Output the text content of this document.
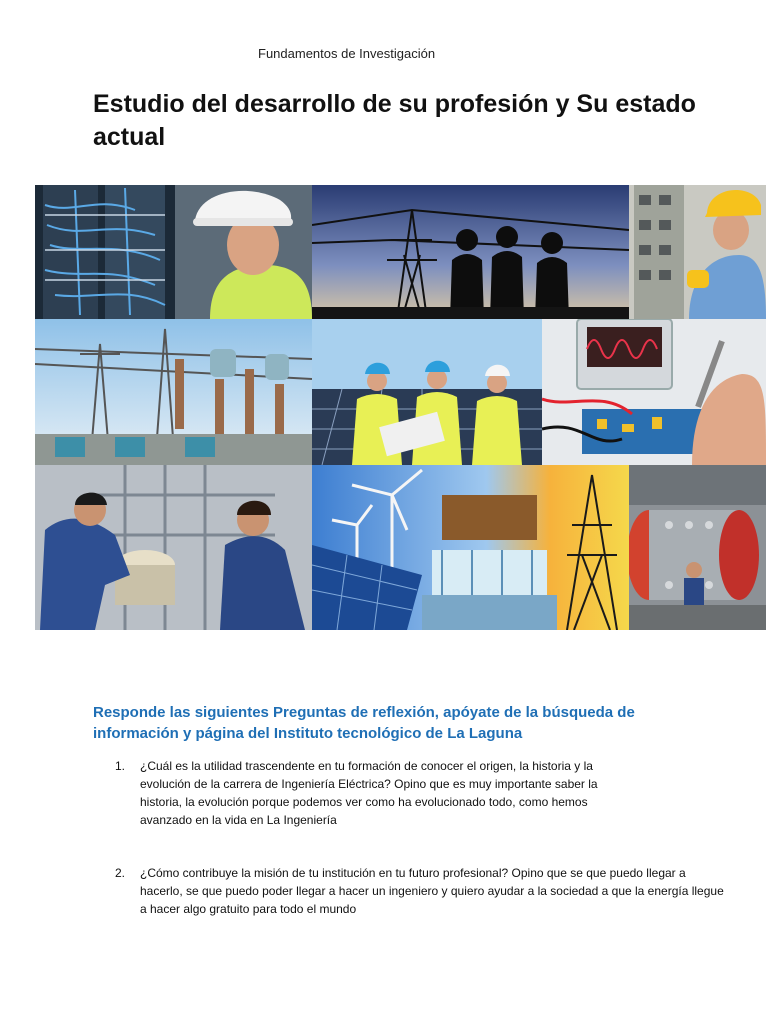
Fundamentos de Investigación
Estudio del desarrollo de su profesión y Su estado actual
Responde las siguientes Preguntas de reflexión, apóyate de la búsqueda de información y página del Instituto tecnológico de La Laguna
1. ¿Cuál es la utilidad trascendente en tu formación de conocer el origen, la historia y la evolución de la carrera de Ingeniería Eléctrica? Opino que es muy importante saber la historia, la evolución porque podemos ver como ha evolucionado todo, como hemos avanzado en la vida en La Ingeniería
2. ¿Cómo contribuye la misión de tu institución en tu futuro profesional? Opino que se que puedo llegar a hacerlo, se que puedo poder llegar a hacer un ingeniero y quiero ayudar a la sociedad a que la energía llegue a hacer algo gratuito para todo el mundo
